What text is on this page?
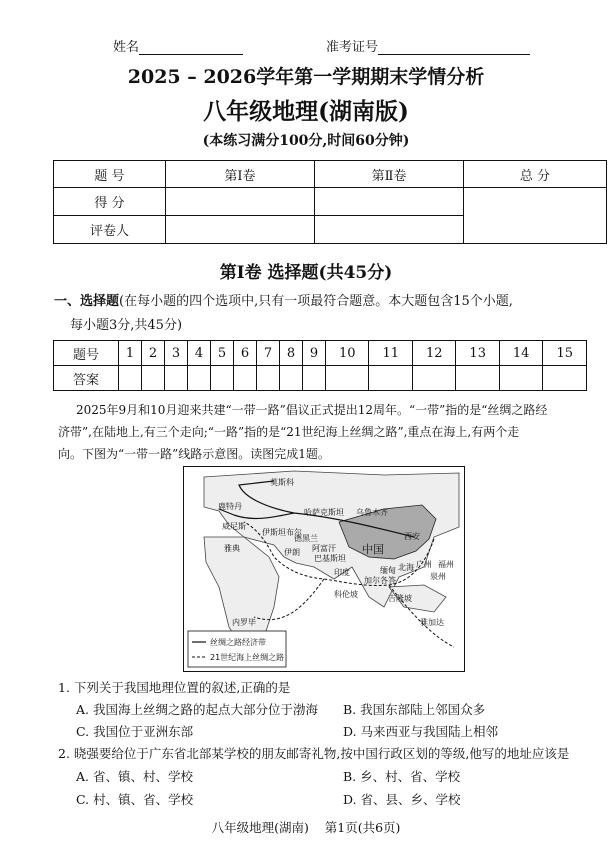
姓名	准考证号
2025 – 2026学年第一学期期末学情分析
八年级地理(湖南版)
(本练习满分100分,时间60分钟)
题 号	第Ⅰ卷	第Ⅱ卷	总 分
得 分			
评卷人			
第Ⅰ卷 选择题(共45分)
一、选择题(在每小题的四个选项中,只有一项最符合题意。本大题包含15个小题,
每小题3分,共45分)
题号	1	2	3	4	5	6	7	8	9	10	11	12	13	14	15
答案															
2025年9月和10月迎来共建“一带一路”倡议正式提出12周年。“一带”指的是“丝绸之路经
济带”,在陆地上,有三个走向;“一路”指的是“21世纪海上丝绸之路”,重点在海上,有两个走
向。下图为“一带一路”线路示意图。读图完成1题。
丝绸之路经济带
21世纪海上丝绸之路
莫斯科
鹿特丹
威尼斯
哈萨克斯坦 乌鲁木齐
西安
伊斯坦布尔
德黑兰
伊朗 阿富汗
巴基斯坦
雅典	中国
北海 广州
泉州
福州
印度
内罗毕
加尔各答
科伦坡
雅加达
缅甸
吉隆坡
1. 下列关于我国地理位置的叙述,正确的是
A. 我国海上丝绸之路的起点大部分位于渤海 B. 我国东部陆上邻国众多
C. 我国位于亚洲东部	D. 马来西亚与我国陆上相邻
2. 晓强要给位于广东省北部某学校的朋友邮寄礼物,按中国行政区划的等级,他写的地址应该是
A. 省、镇、村、学校	B. 乡、村、省、学校
C. 村、镇、省、学校	D. 省、县、乡、学校
八年级地理(湖南)    第1页(共6页)
